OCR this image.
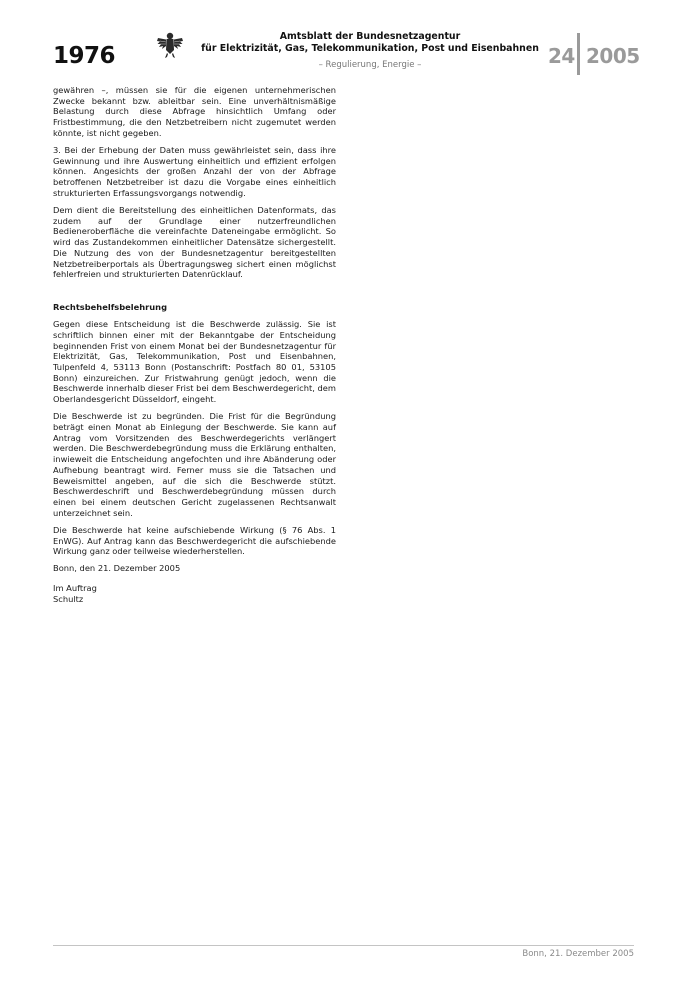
1976
Amtsblatt der Bundesnetzagentur
für Elektrizität, Gas, Telekommunikation, Post und Eisenbahnen
– Regulierung, Energie –	24 2005

gewähren –, müssen sie für die eigenen unternehmerischen Zwecke bekannt bzw. ableitbar sein. Eine unverhältnismäßige Belastung durch diese Abfrage hinsichtlich Umfang oder Fristbestimmung, die den Netzbetreibern nicht zugemutet werden könnte, ist nicht gegeben.

3. Bei der Erhebung der Daten muss gewährleistet sein, dass ihre Gewinnung und ihre Auswertung einheitlich und effizient erfolgen können. Angesichts der großen Anzahl der von der Abfrage betroffenen Netzbetreiber ist dazu die Vorgabe eines einheitlich strukturierten Erfassungsvorgangs notwendig.

Dem dient die Bereitstellung des einheitlichen Datenformats, das zudem auf der Grundlage einer nutzerfreundlichen Bedieneroberfläche die vereinfachte Dateneingabe ermöglicht. So wird das Zustandekommen einheitlicher Datensätze sichergestellt. Die Nutzung des von der Bundesnetzagentur bereitgestellten Netzbetreiberportals als Übertragungsweg sichert einen möglichst fehlerfreien und strukturierten Datenrücklauf.

Rechtsbehelfsbelehrung

Gegen diese Entscheidung ist die Beschwerde zulässig. Sie ist schriftlich binnen einer mit der Bekanntgabe der Entscheidung beginnenden Frist von einem Monat bei der Bundesnetzagentur für Elektrizität, Gas, Telekommunikation, Post und Eisenbahnen, Tulpenfeld 4, 53113 Bonn (Postanschrift: Postfach 80 01, 53105 Bonn) einzureichen. Zur Fristwahrung genügt jedoch, wenn die Beschwerde innerhalb dieser Frist bei dem Beschwerdegericht, dem Oberlandesgericht Düsseldorf, eingeht.

Die Beschwerde ist zu begründen. Die Frist für die Begründung beträgt einen Monat ab Einlegung der Beschwerde. Sie kann auf Antrag vom Vorsitzenden des Beschwerdegerichts verlängert werden. Die Beschwerdebegründung muss die Erklärung enthalten, inwieweit die Entscheidung angefochten und ihre Abänderung oder Aufhebung beantragt wird. Ferner muss sie die Tatsachen und Beweismittel angeben, auf die sich die Beschwerde stützt. Beschwerdeschrift und Beschwerdebegründung müssen durch einen bei einem deutschen Gericht zugelassenen Rechtsanwalt unterzeichnet sein.

Die Beschwerde hat keine aufschiebende Wirkung (§ 76 Abs. 1 EnWG). Auf Antrag kann das Beschwerdegericht die aufschiebende Wirkung ganz oder teilweise wiederherstellen.

Bonn, den 21. Dezember 2005
Im Auftrag
Schultz
Bonn, 21. Dezember 2005
